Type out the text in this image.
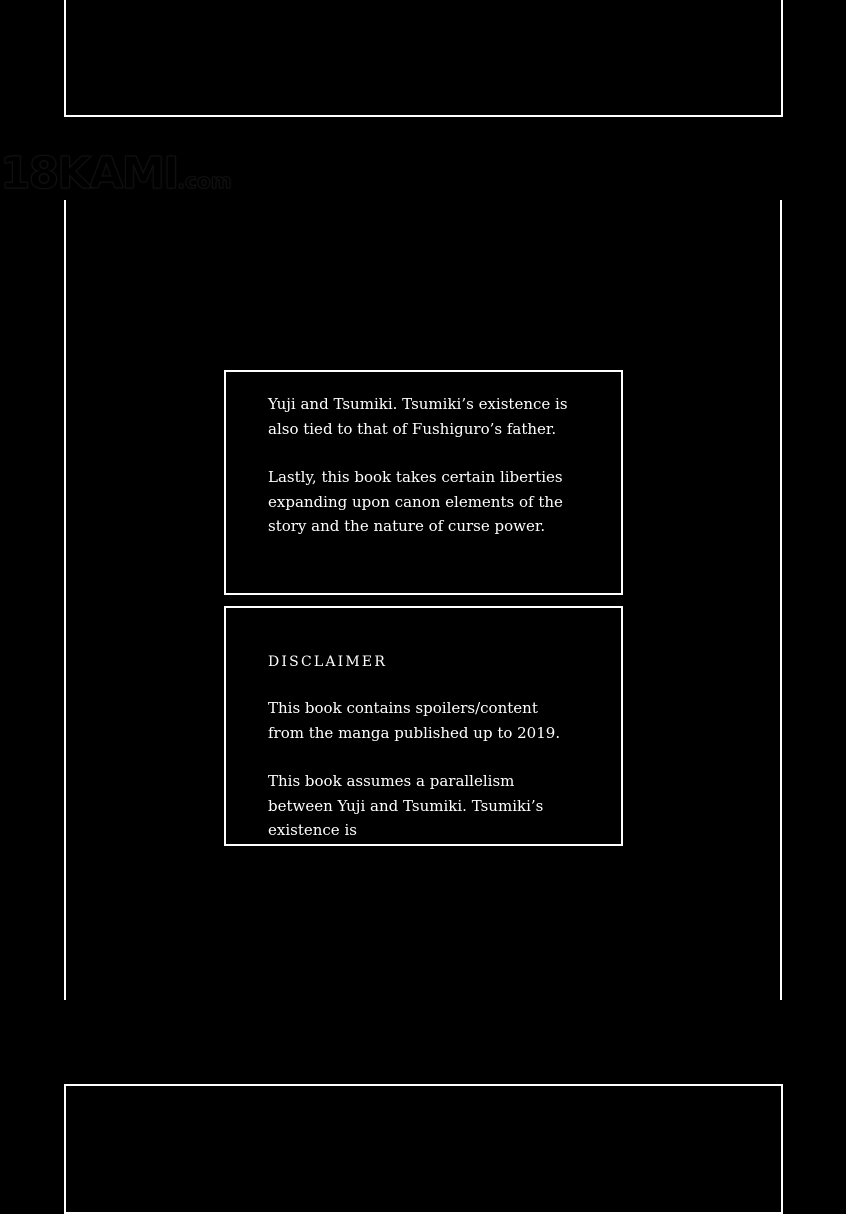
18KAMI.com

Yuji and Tsumiki. Tsumiki’s existence is also tied to that of Fushiguro’s father.

Lastly, this book takes certain liberties expanding upon canon elements of the story and the nature of curse power.

DISCLAIMER

This book contains spoilers/content from the manga published up to 2019.

This book assumes a parallelism between Yuji and Tsumiki. Tsumiki’s existence is
